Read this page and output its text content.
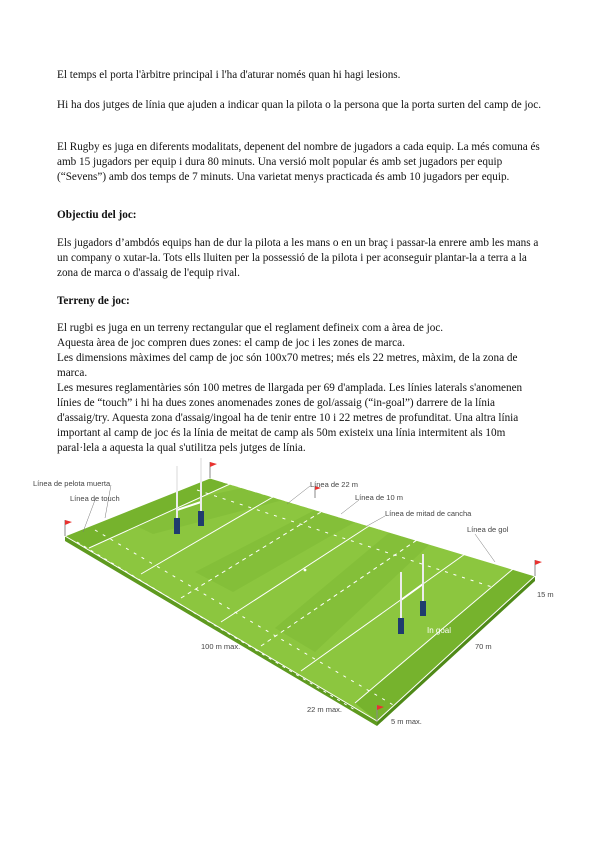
El temps el porta l'àrbitre principal i l'ha d'aturar només quan hi hagi lesions.

Hi ha dos jutges de línia que ajuden a indicar quan la pilota o la persona que la porta surten del camp de joc.

El Rugby es juga en diferents modalitats, depenent del nombre de jugadors a cada equip. La més comuna és amb 15 jugadors per equip i dura 80 minuts. Una versió molt popular és amb set jugadors per equip (“Sevens”) amb dos temps de 7 minuts. Una varietat menys practicada és amb 10 jugadors per equip.

Objectiu del joc:

Els jugadors d’ambdós equips han de dur la pilota a les mans o en un braç i passar-la enrere amb les mans a un company o xutar-la. Tots ells lluiten per la possessió de la pilota i per aconseguir plantar-la a terra a la zona de marca o d'assaig de l'equip rival.

Terreny de joc:

El rugbi es juga en un terreny rectangular que el reglament defineix com a àrea de joc.
Aquesta àrea de joc compren dues zones: el camp de joc i les zones de marca.
Les dimensions màximes del camp de joc són 100x70 metres; més els 22 metres, màxim, de la zona de marca.
Les mesures reglamentàries són 100 metres de llargada per 69 d'amplada. Les línies laterals s'anomenen línies de “touch” i hi ha dues zones anomenades zones de gol/assaig (“in-goal”) darrere de la línia d'assaig/try. Aquesta zona d'assaig/ingoal ha de tenir entre 10 i 22 metres de profunditat. Una altra línia important al camp de joc és la línia de meitat de camp als 50m existeix una línia intermitent als 10m paral·lela a aquesta la qual s'utilitza pels jutges de línia.
Línea de pelota muerta
Línea de touch
Línea de 22 m
Línea de 10 m
Línea de mitad de cancha
Línea de gol
In goal
15 m
70 m
100 m max.
22 m max.
5 m max.
